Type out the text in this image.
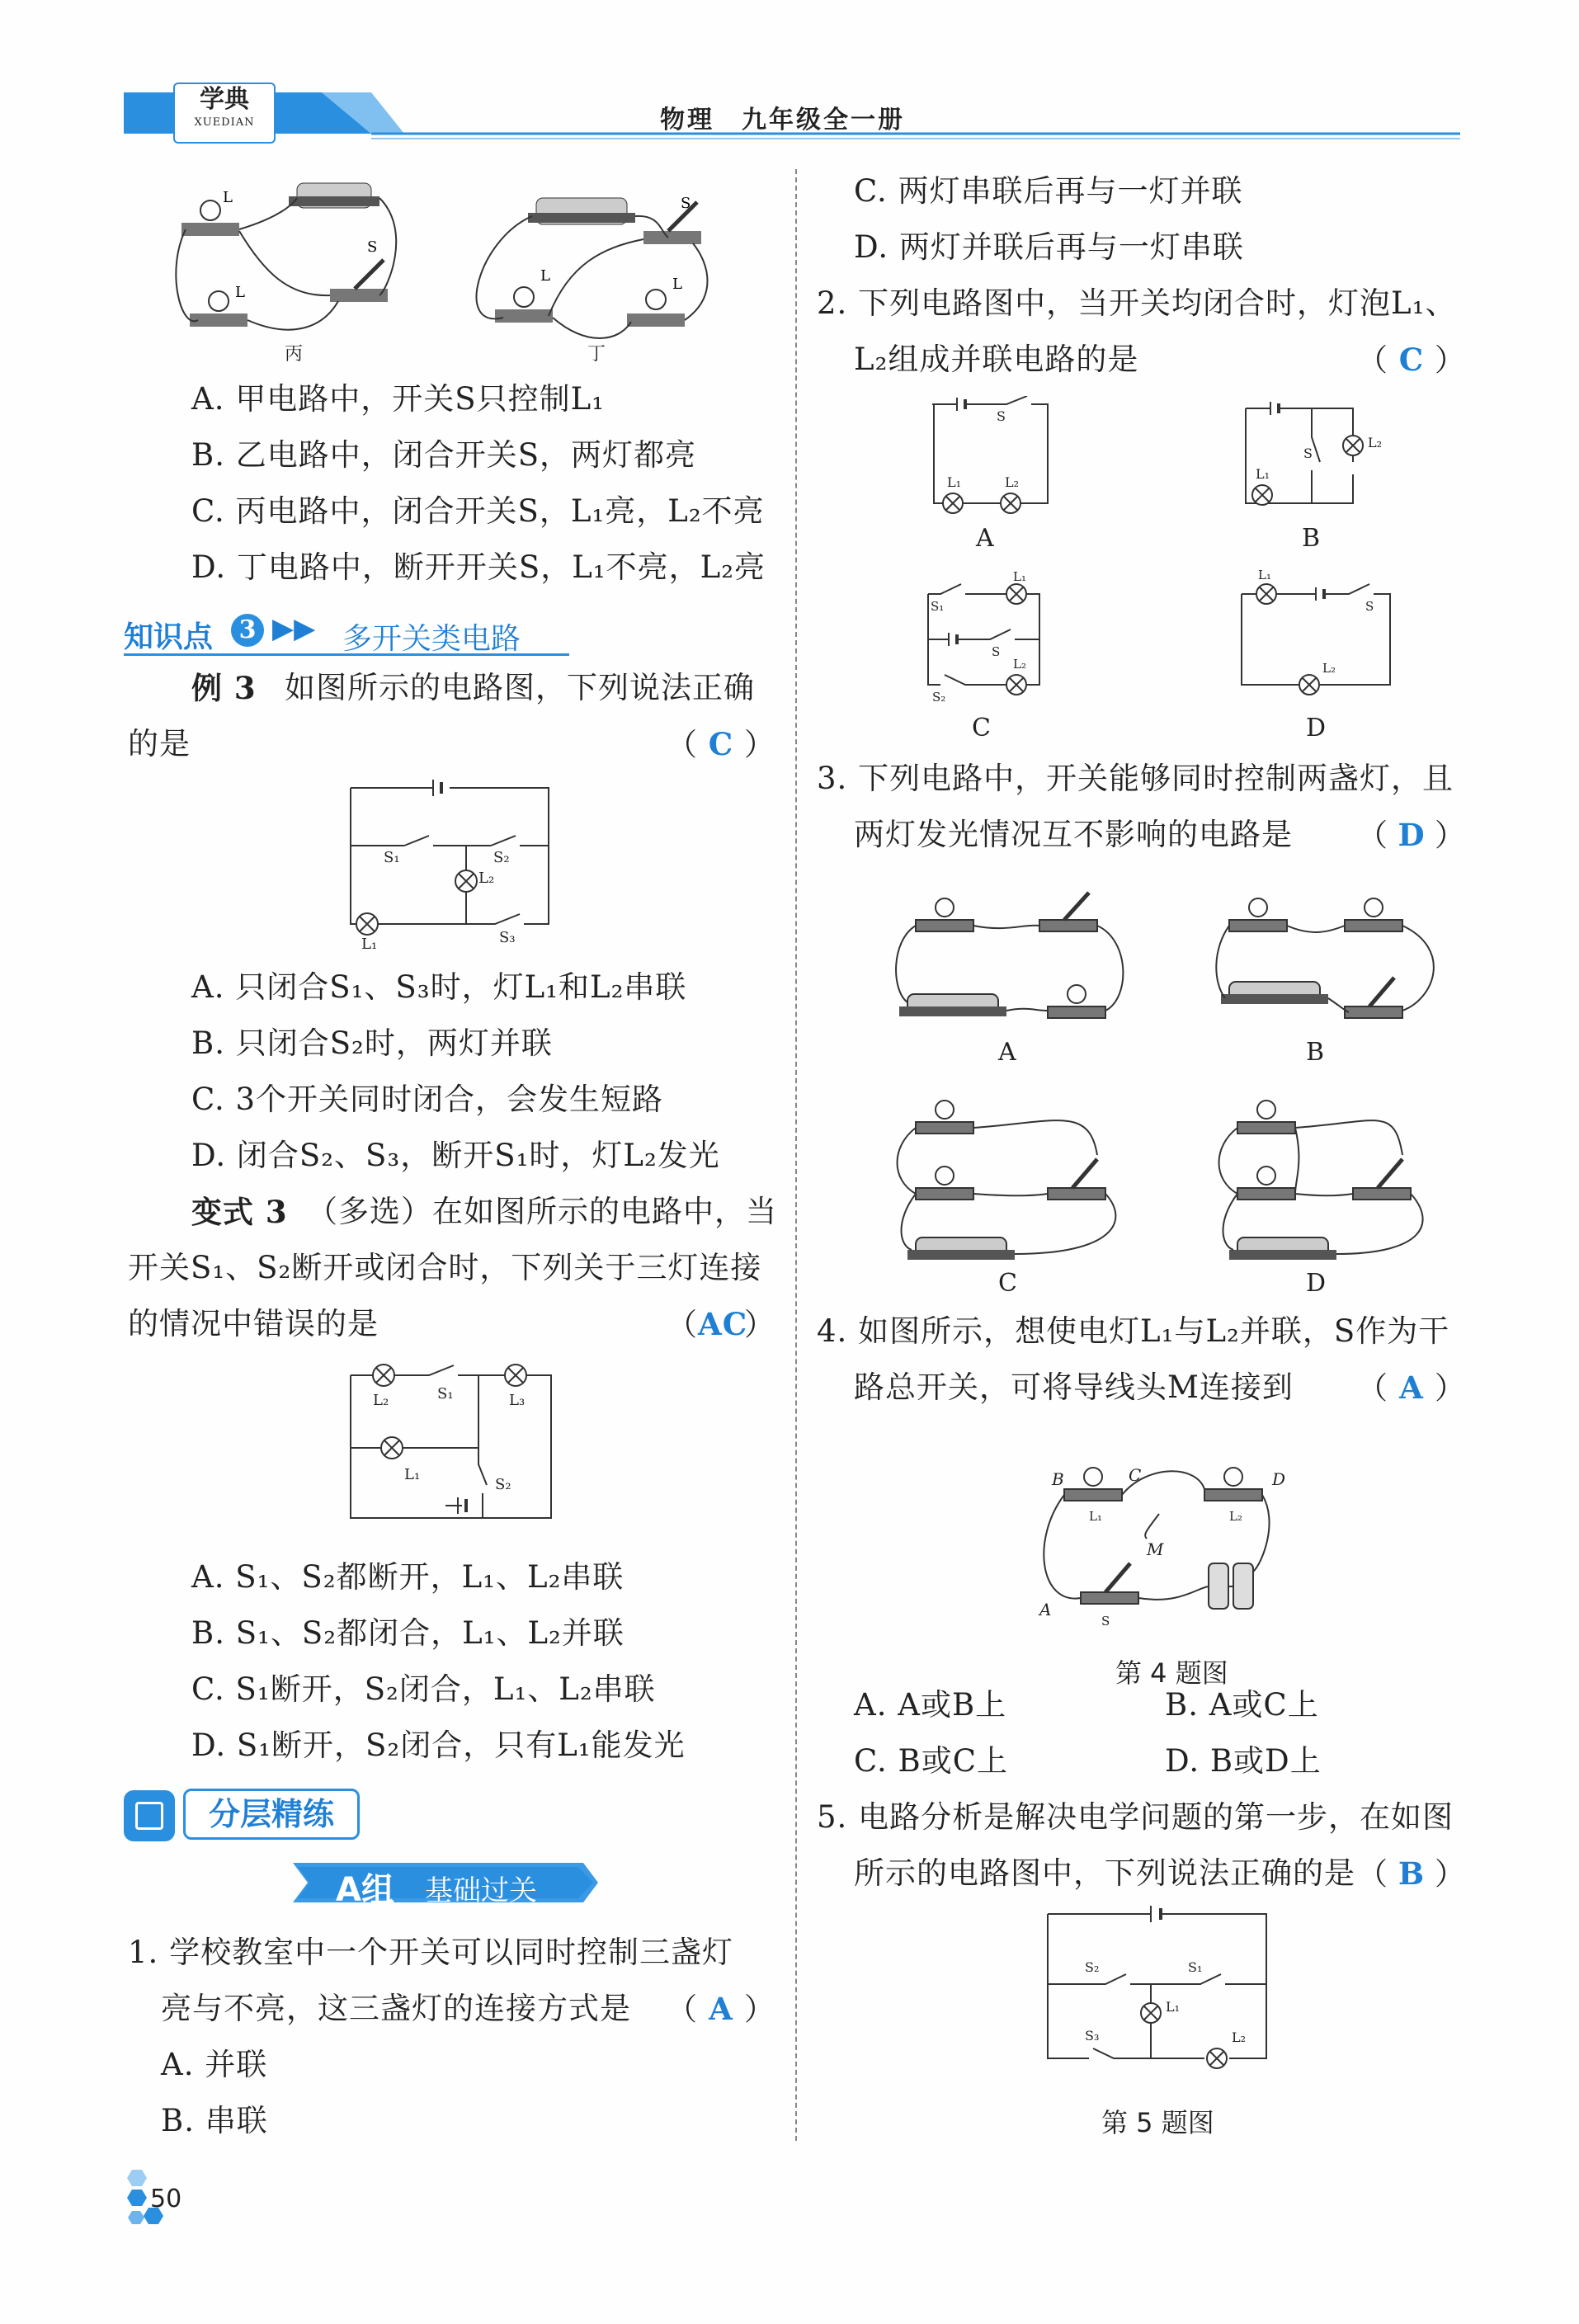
学典
XUEDIAN	物理　九年级全一册
L
S
L
丙
S
L	L
丁
A. 甲电路中，开关S只控制L₁
B. 乙电路中，闭合开关S，两灯都亮
C. 丙电路中，闭合开关S，L₁亮，L₂不亮
D. 丁电路中，断开开关S，L₁不亮，L₂亮
知识点	3 ▶▶ 多开关类电路
例 3 如图所示的电路图，下列说法正确
的是	（ C ）
S₁	S₂
L₂
L₁	S₃
A. 只闭合S₁、S₃时，灯L₁和L₂串联
B. 只闭合S₂时，两灯并联
C. 3个开关同时闭合，会发生短路
D. 闭合S₂、S₃，断开S₁时，灯L₂发光
变式 3 （多选）在如图所示的电路中，当
开关S₁、S₂断开或闭合时，下列关于三灯连接
的情况中错误的是	（AC）
S₁
L₂	L₃
L₁
S₂
A. S₁、S₂都断开，L₁、L₂串联
B. S₁、S₂都闭合，L₁、L₂并联
C. S₁断开，S₂闭合，L₁、L₂串联
D. S₁断开，S₂闭合，只有L₁能发光
分层精练
A组 基础过关
1. 学校教室中一个开关可以同时控制三盏灯
亮与不亮，这三盏灯的连接方式是 （ A ）
A. 并联
B. 串联
50
C. 两灯串联后再与一灯并联
D. 两灯并联后再与一灯串联
2. 下列电路图中，当开关均闭合时，灯泡L₁、
L₂组成并联电路的是	（ C ）
S
L₁	L₂
A
S
L₁
L₂
B
S₁
L₁
S
L₂
S₂
C
L₁
S
L₂
D
3. 下列电路中，开关能够同时控制两盏灯，且
两灯发光情况互不影响的电路是 （ D ）
A	B
C	D
4. 如图所示，想使电灯L₁与L₂并联，S作为干
路总开关，可将导线头M连接到 （ A ）
B	C	D
M
A
L₁	L₂
S
第 4 题图
A. A或B上	B. A或C上
C. B或C上	D. B或D上
5. 电路分析是解决电学问题的第一步，在如图
所示的电路图中，下列说法正确的是 （ B ）
S₂	S₁
L₁
L₂
S₃
第 5 题图
